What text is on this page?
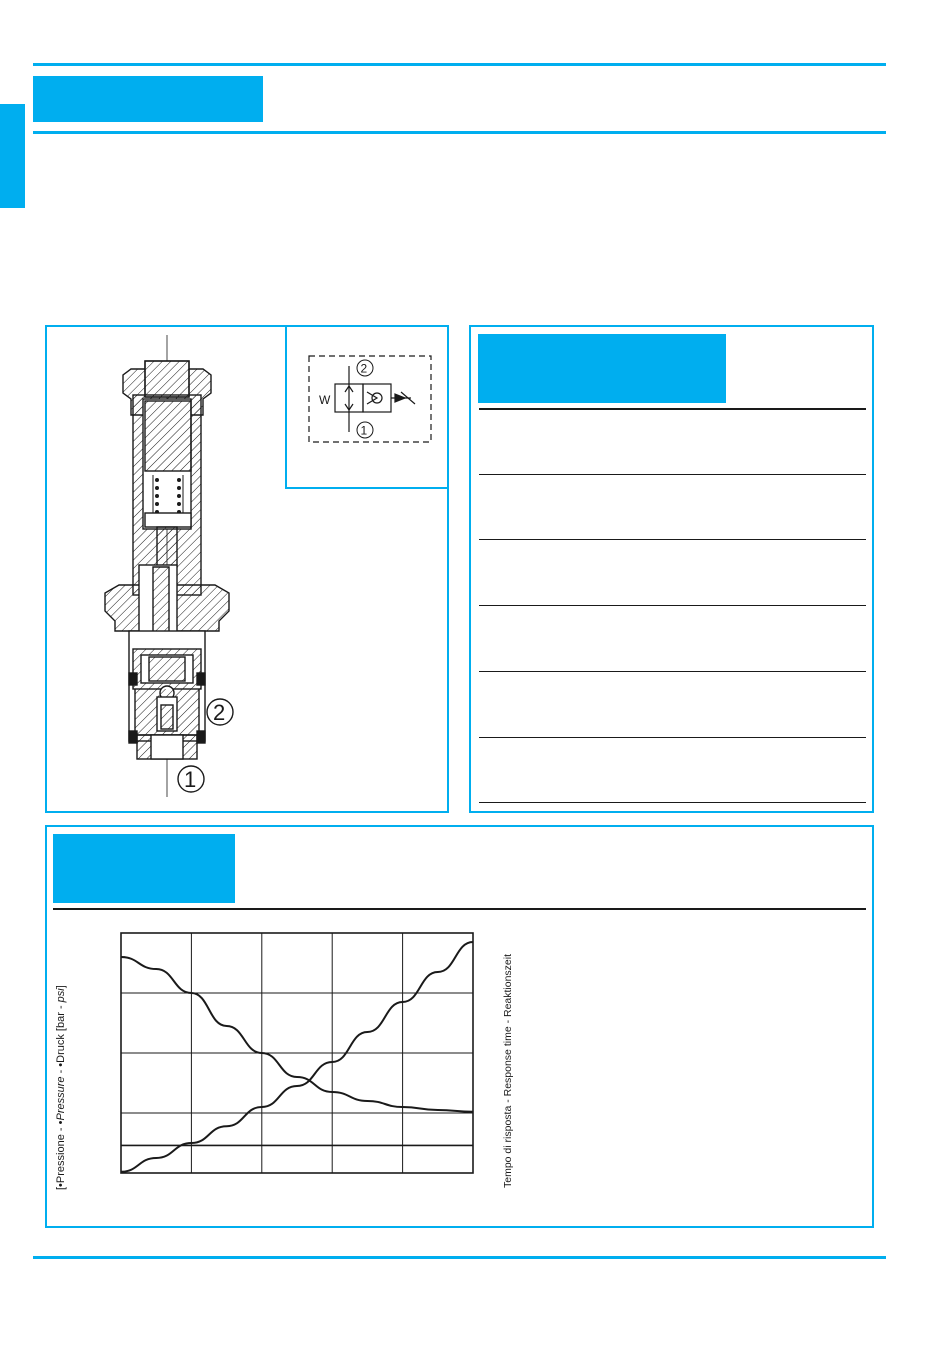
2
1
W
2
1
[•Pressione - •Pressure - •Druck [bar - psi]	Tempo di risposta - Response time - Reaktionszeit
